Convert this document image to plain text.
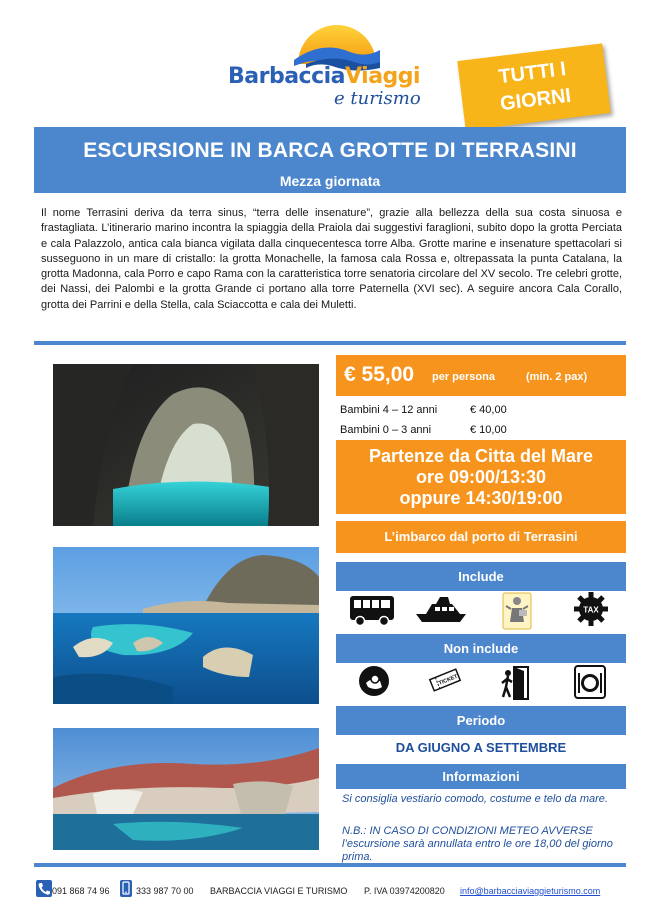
BarbacciaViaggi
e turismo
TUTTI I
GIORNI
ESCURSIONE IN BARCA GROTTE DI TERRASINI
Mezza giornata

Il nome Terrasini deriva da terra sinus, “terra delle insenature”, grazie alla bellezza della sua costa sinuosa e frastagliata. L’itinerario marino incontra la spiaggia della Praiola dai suggestivi faraglioni, subito dopo la grotta Perciata e cala Palazzolo, antica cala bianca vigilata dalla cinquecentesca torre Alba. Grotte marine e insenature spettacolari si susseguono in un mare di cristallo: la grotta Monachelle, la famosa cala Rossa e, oltrepassata la punta Catalana, la grotta Madonna, cala Porro e capo Rama con la caratteristica torre senatoria circolare del XV secolo. Tre celebri grotte, dei Nassi, dei Palombi e la grotta Grande ci portano alla torre Paternella (XVI sec). A seguire ancora Cala Corallo, grotta dei Parrini e della Stella, cala Sciaccotta e cala dei Muletti.

€ 55,00 per persona	(min. 2 pax)
Bambini 4 – 12 anni	€ 40,00
Bambini 0 – 3 anni	€ 10,00
Partenze da Citta del Mare
ore 09:00/13:30
oppure 14:30/19:00
L’imbarco dal porto di Terrasini
Include
TAX
Non include
TICKET
Periodo
DA GIUGNO A SETTEMBRE
Informazioni
Si consiglia vestiario comodo, costume e telo da mare.
N.B.: IN CASO DI CONDIZIONI METEO AVVERSE l’escursione sarà annullata entro le ore 18,00 del giorno prima.
091 868 74 96	333 987 70 00 BARBACCIA VIAGGI E TURISMO P. IVA 03974200820 info@barbacciaviaggieturismo.com
